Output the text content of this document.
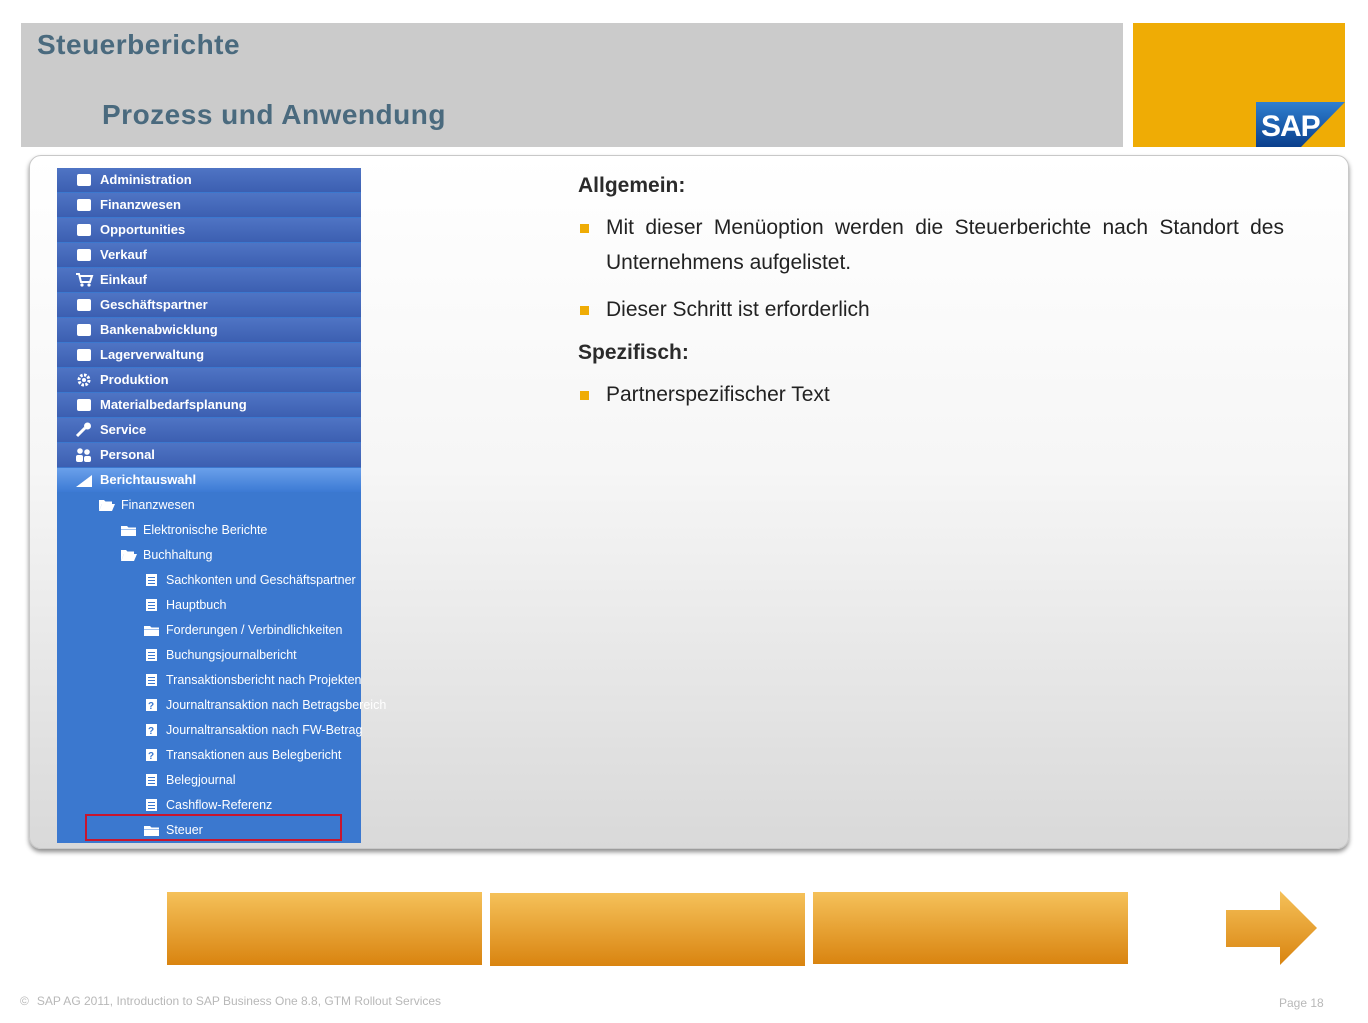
Steuerberichte
Prozess und Anwendung	SAP
Administration
Finanzwesen
Opportunities
Verkauf
Einkauf
Geschäftspartner
Bankenabwicklung
Lagerverwaltung
Produktion
Materialbedarfsplanung
Service
Personal
Berichtauswahl
Finanzwesen
Elektronische Berichte
Buchhaltung
Sachkonten und Geschäftspartner
Hauptbuch
Forderungen / Verbindlichkeiten
Buchungsjournalbericht
Transaktionsbericht nach Projekten
? Journaltransaktion nach Betragsbereich
? Journaltransaktion nach FW-Betrag
? Transaktionen aus Belegbericht
Belegjournal
Cashflow-Referenz
Steuer

Allgemein:

Mit dieser Menüoption werden die Steuerberichte nach Standort des Unternehmens aufgelistet.
Dieser Schritt ist erforderlich

Spezifisch:

Partnerspezifischer Text
© SAP AG 2011, Introduction to SAP Business One 8.8, GTM Rollout Services	Page 18
